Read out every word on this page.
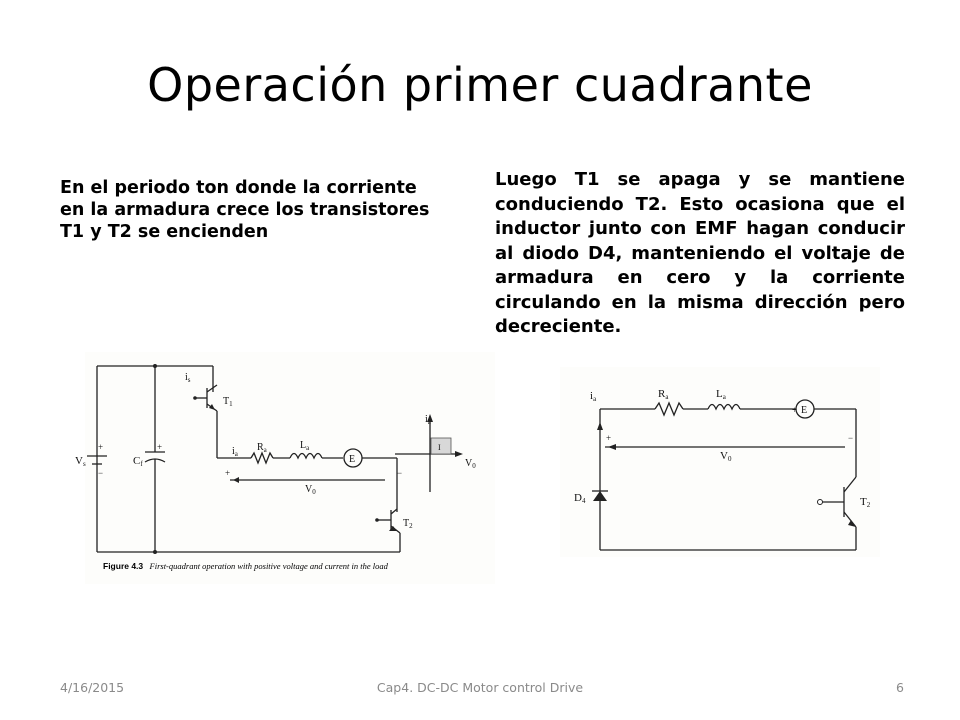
Operación primer cuadrante
En el periodo ton donde la corriente en la armadura crece los transistores T1 y T2 se encienden
Luego T1 se apaga y se mantiene conduciendo T2. Esto ocasiona que el inductor junto con EMF hagan conducir al diodo D4, manteniendo el voltaje de armadura en cero y la corriente circulando en la misma dirección pero decreciente.
Vs
+
−
Cf
+
$i_s$
$T_1$
$i_a$
$R_a$	$L_a$
E
+
$V_0$
−
$T_2$
$i_a$
$V_0$
I
Figure 4.3 First-quadrant operation with positive voltage and current in the load
ia	Ra	La
E
+
+	−
V0
D4	T2
4/16/2015	Cap4. DC-DC Motor control Drive	6
